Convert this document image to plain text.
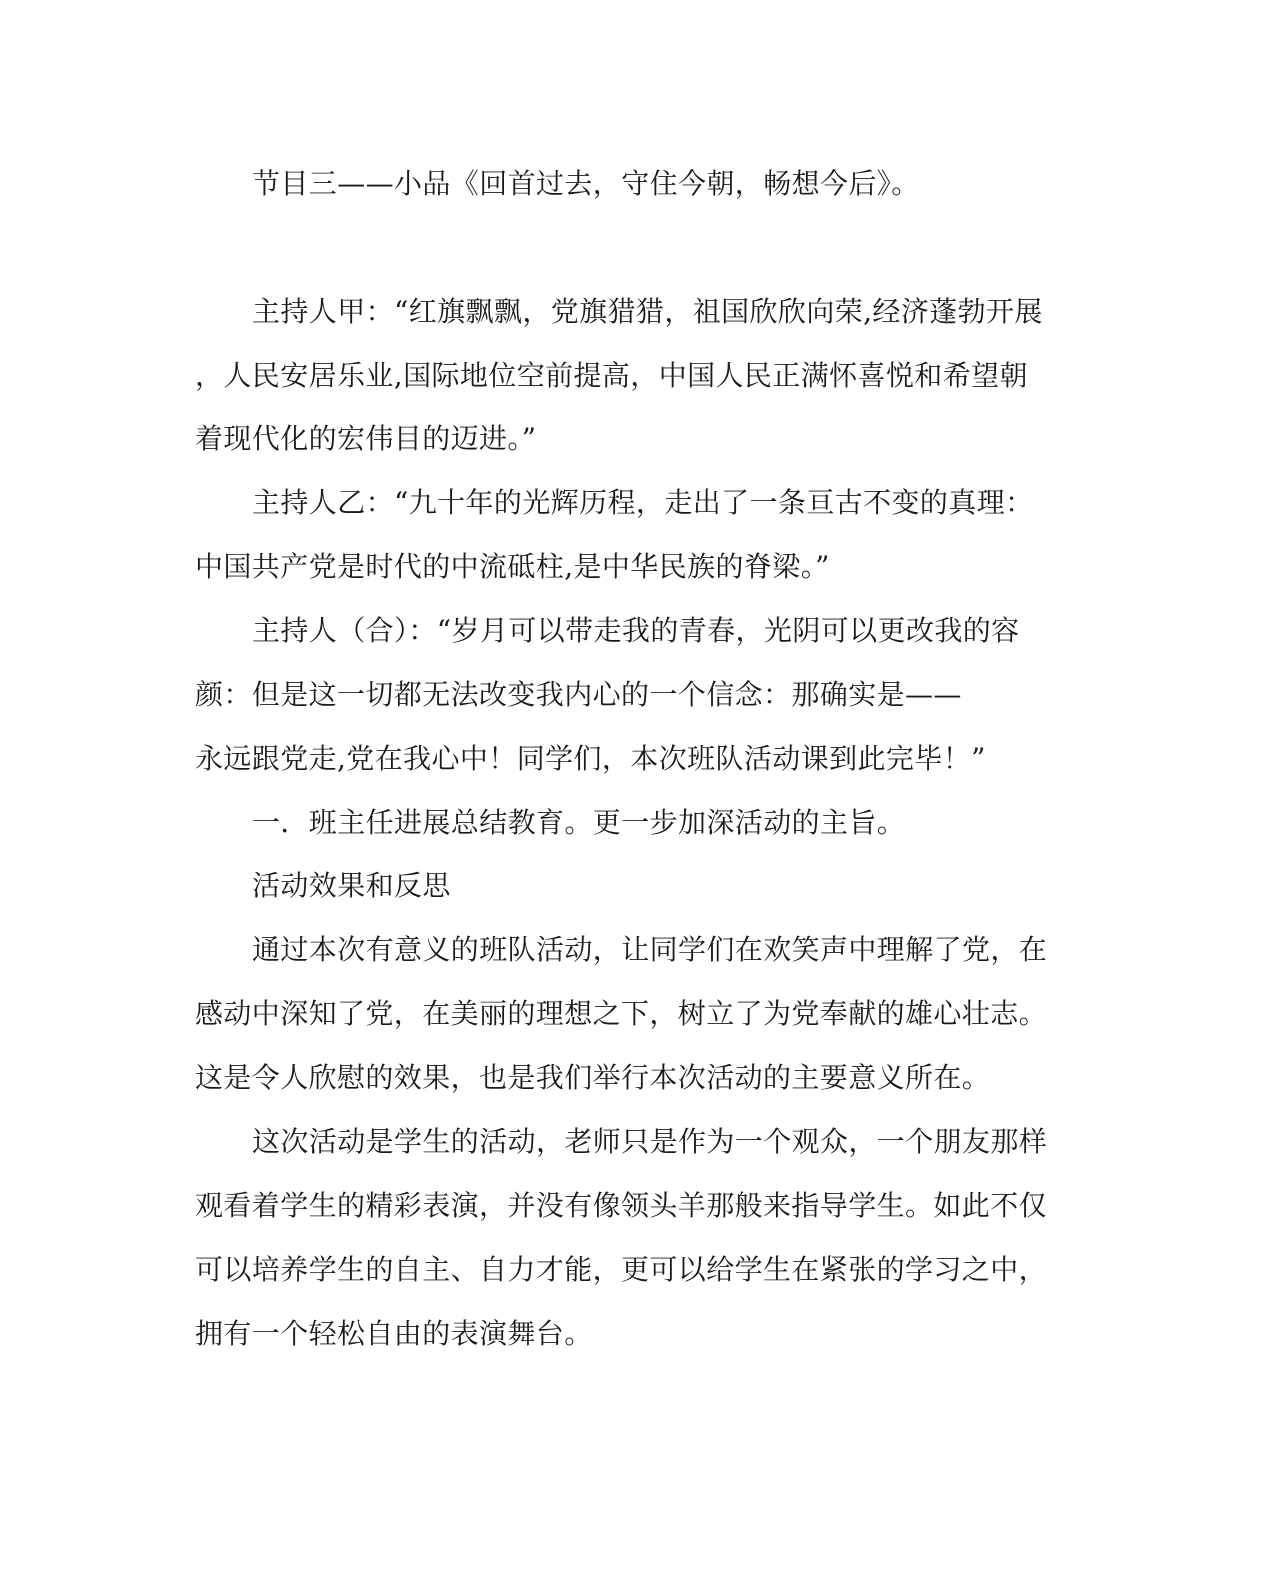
节目三——小品《回首过去，守住今朝，畅想今后》。
主持人甲：“红旗飘飘，党旗猎猎，祖国欣欣向荣,经济蓬勃开展
，人民安居乐业,国际地位空前提高，中国人民正满怀喜悦和希望朝
着现代化的宏伟目的迈进。”
主持人乙：“九十年的光辉历程，走出了一条亘古不变的真理：
中国共产党是时代的中流砥柱,是中华民族的脊梁。”
主持人（合）：“岁月可以带走我的青春，光阴可以更改我的容
颜：但是这一切都无法改变我内心的一个信念：那确实是——
永远跟党走,党在我心中！同学们，本次班队活动课到此完毕！”
一．班主任进展总结教育。更一步加深活动的主旨。
活动效果和反思
通过本次有意义的班队活动，让同学们在欢笑声中理解了党，在
感动中深知了党，在美丽的理想之下，树立了为党奉献的雄心壮志。
这是令人欣慰的效果，也是我们举行本次活动的主要意义所在。
这次活动是学生的活动，老师只是作为一个观众，一个朋友那样
观看着学生的精彩表演，并没有像领头羊那般来指导学生。如此不仅
可以培养学生的自主、自力才能，更可以给学生在紧张的学习之中，
拥有一个轻松自由的表演舞台。
